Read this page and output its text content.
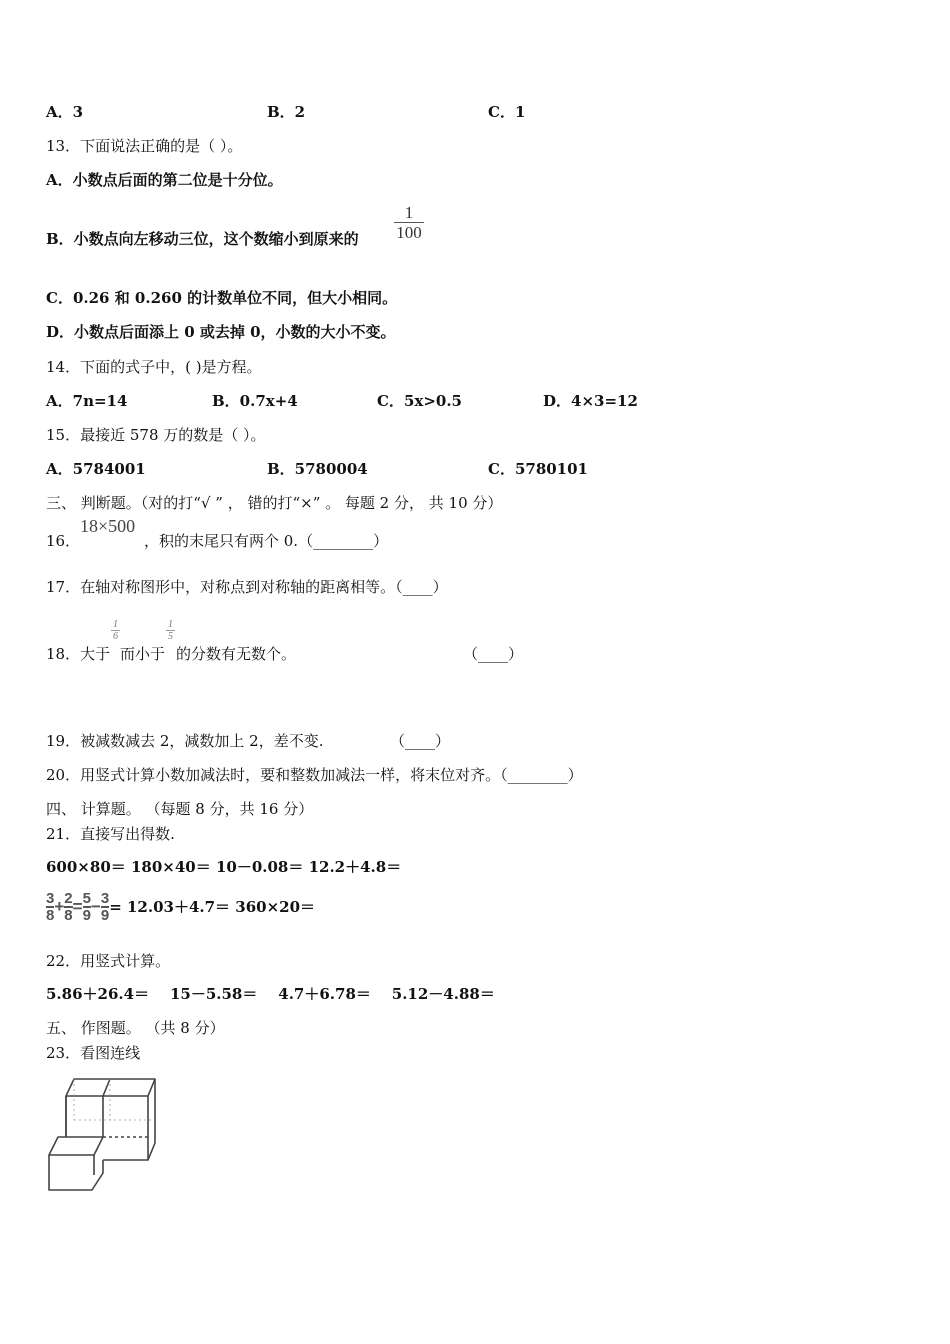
A．3	B．2	C．1
13．下面说法正确的是（ ）。
A．小数点后面的第二位是十分位。
B．小数点向左移动三位，这个数缩小到原来的
1
100
C．0.26 和 0.260 的计数单位不同，但大小相同。
D．小数点后面添上 0 或去掉 0，小数的大小不变。
14．下面的式子中，( )是方程。
A．7n=14	B．0.7x+4	C．5x>0.5	D．4×3=12
15．最接近 578 万的数是（ ）。
A．5784001	B．5780004	C．5780101
三、 判断题。（对的打“√ ” ， 错的打“×” 。 每题 2 分， 共 10 分）
16．
18×500
，积的末尾只有两个 0.（________）
17．在轴对称图形中，对称点到对称轴的距离相等。（____）
18．大于
1
6
而小于
1
5
的分数有无数个。	（____）
19．被减数减去 2，减数加上 2，差不变.	（____）
20．用竖式计算小数加减法时，要和整数加减法一样，将末位对齐。（________）
四、 计算题。 （每题 8 分，共 16 分）
21．直接写出得数.
600×80＝ 180×40＝ 10－0.08＝ 12.2＋4.8＝
$\frac{3}{8} + \frac{2}{8} = \frac{5}{9} - \frac{3}{9} = 12.03+4.7= 360\times 20=$
22．用竖式计算。
5.86＋26.4＝    15－5.58＝    4.7＋6.78＝    5.12－4.88＝
五、 作图题。 （共 8 分）
23．看图连线
